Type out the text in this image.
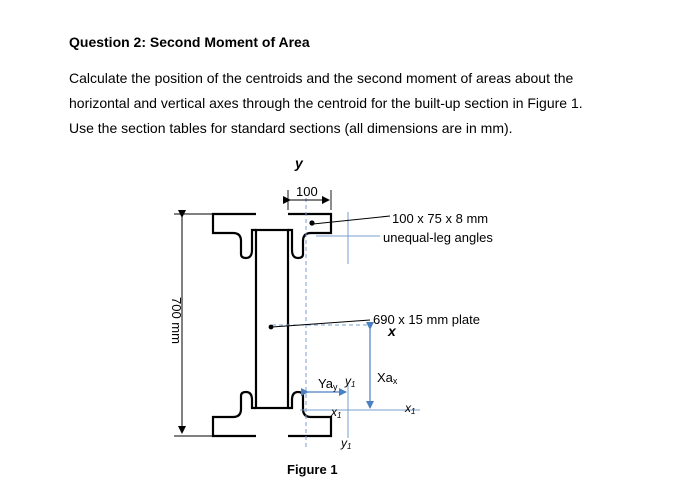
Question 2: Second Moment of Area
Calculate the position of the centroids and the second moment of areas about the
horizontal and vertical axes through the centroid for the built-up section in Figure 1.
Use the section tables for standard sections (all dimensions are in mm).
100
y
700 mm
100 x 75 x 8 mm
unequal-leg angles
690 x 15 mm plate
x
Xax
Yay y1
x1
x1
y1
Figure 1
